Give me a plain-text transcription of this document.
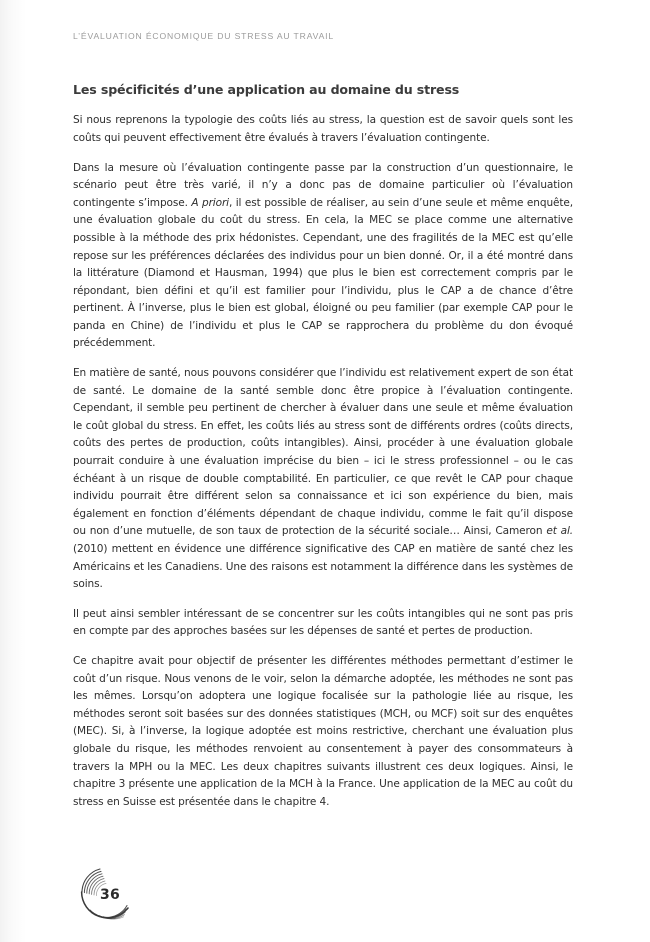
L’ÉVALUATION ÉCONOMIQUE DU STRESS AU TRAVAIL
Les spécificités d’une application au domaine du stress

Si nous reprenons la typologie des coûts liés au stress, la question est de savoir quels sont les coûts qui peuvent effectivement être évalués à travers l’évaluation contingente.

Dans la mesure où l’évaluation contingente passe par la construction d’un questionnaire, le scénario peut être très varié, il n’y a donc pas de domaine particulier où l’évaluation contingente s’impose. A priori, il est possible de réaliser, au sein d’une seule et même enquête, une évaluation globale du coût du stress. En cela, la MEC se place comme une alternative possible à la méthode des prix hédonistes. Cependant, une des fragilités de la MEC est qu’elle repose sur les préférences déclarées des individus pour un bien donné. Or, il a été montré dans la littérature (Diamond et Hausman, 1994) que plus le bien est correctement compris par le répondant, bien défini et qu’il est familier pour l’individu, plus le CAP a de chance d’être pertinent. À l’inverse, plus le bien est global, éloigné ou peu familier (par exemple CAP pour le panda en Chine) de l’individu et plus le CAP se rapprochera du problème du don évoqué précédemment.

En matière de santé, nous pouvons considérer que l’individu est relativement expert de son état de santé. Le domaine de la santé semble donc être propice à l’évaluation contingente. Cependant, il semble peu pertinent de chercher à évaluer dans une seule et même évaluation le coût global du stress. En effet, les coûts liés au stress sont de différents ordres (coûts directs, coûts des pertes de production, coûts intangibles). Ainsi, procéder à une évaluation globale pourrait conduire à une évaluation imprécise du bien – ici le stress professionnel – ou le cas échéant à un risque de double comptabilité. En particulier, ce que revêt le CAP pour chaque individu pourrait être différent selon sa connaissance et ici son expérience du bien, mais également en fonction d’éléments dépendant de chaque individu, comme le fait qu’il dispose ou non d’une mutuelle, de son taux de protection de la sécurité sociale… Ainsi, Cameron et al. (2010) mettent en évidence une différence significative des CAP en matière de santé chez les Américains et les Canadiens. Une des raisons est notamment la différence dans les systèmes de soins.

Il peut ainsi sembler intéressant de se concentrer sur les coûts intangibles qui ne sont pas pris en compte par des approches basées sur les dépenses de santé et pertes de production.

Ce chapitre avait pour objectif de présenter les différentes méthodes permettant d’estimer le coût d’un risque. Nous venons de le voir, selon la démarche adoptée, les méthodes ne sont pas les mêmes. Lorsqu’on adoptera une logique focalisée sur la pathologie liée au risque, les méthodes seront soit basées sur des données statistiques (MCH, ou MCF) soit sur des enquêtes (MEC). Si, à l’inverse, la logique adoptée est moins restrictive, cherchant une évaluation plus globale du risque, les méthodes renvoient au consentement à payer des consommateurs à travers la MPH ou la MEC. Les deux chapitres suivants illustrent ces deux logiques. Ainsi, le chapitre 3 présente une application de la MCH à la France. Une application de la MEC au coût du stress en Suisse est présentée dans le chapitre 4.

36
